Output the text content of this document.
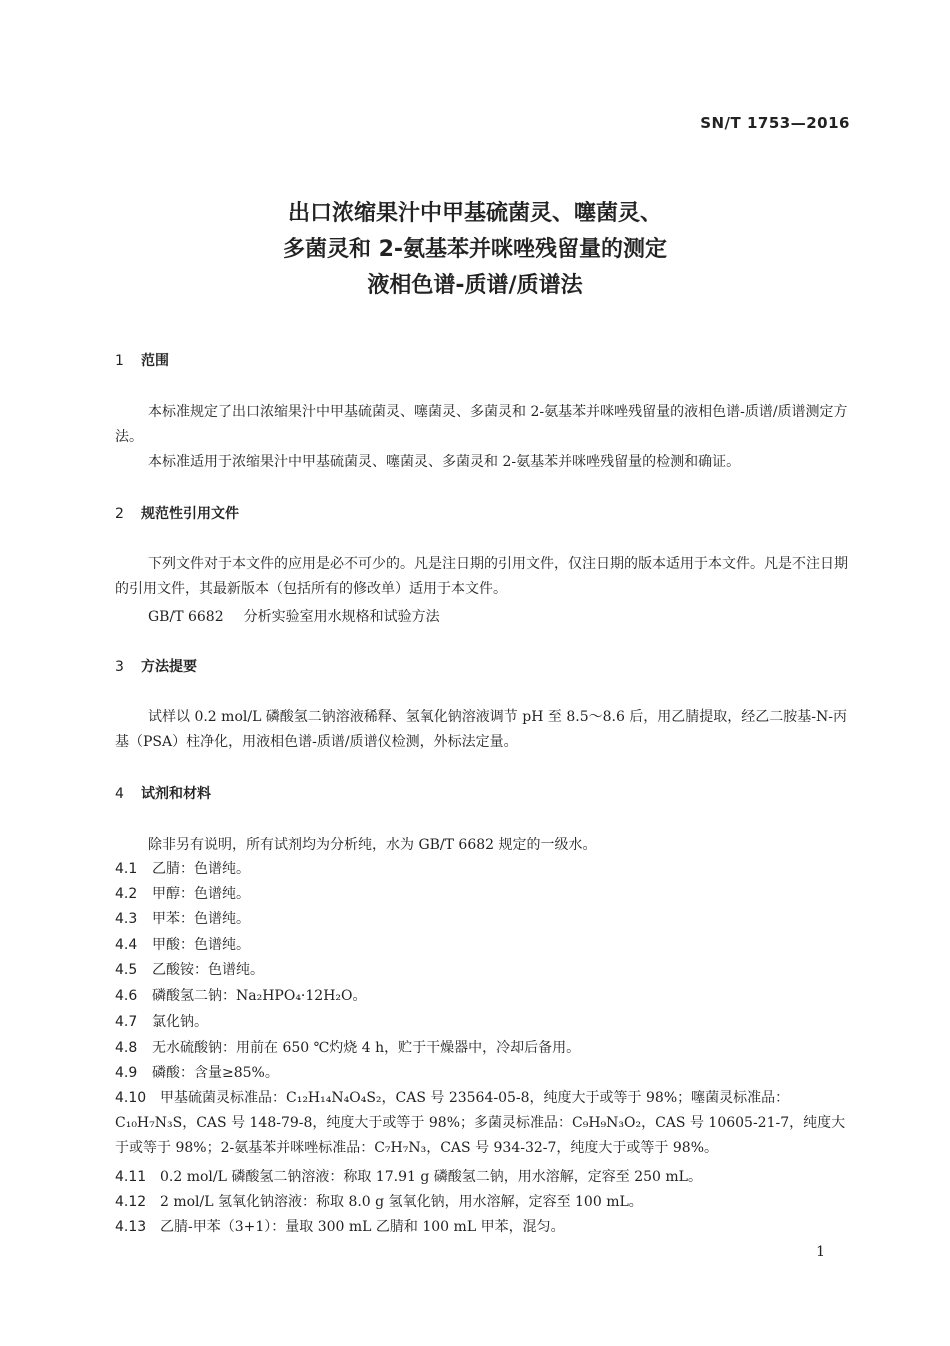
SN/T 1753—2016
出口浓缩果汁中甲基硫菌灵、噻菌灵、
多菌灵和 2-氨基苯并咪唑残留量的测定
液相色谱-质谱/质谱法
1 范围
本标准规定了出口浓缩果汁中甲基硫菌灵、噻菌灵、多菌灵和 2-氨基苯并咪唑残留量的液相色谱-质谱/质谱测定方法。
本标准适用于浓缩果汁中甲基硫菌灵、噻菌灵、多菌灵和 2-氨基苯并咪唑残留量的检测和确证。
2 规范性引用文件
下列文件对于本文件的应用是必不可少的。凡是注日期的引用文件，仅注日期的版本适用于本文件。凡是不注日期的引用文件，其最新版本（包括所有的修改单）适用于本文件。
GB/T 6682 分析实验室用水规格和试验方法
3 方法提要
试样以 0.2 mol/L 磷酸氢二钠溶液稀释、氢氧化钠溶液调节 pH 至 8.5～8.6 后，用乙腈提取，经乙二胺基-N-丙基（PSA）柱净化，用液相色谱-质谱/质谱仪检测，外标法定量。
4 试剂和材料
除非另有说明，所有试剂均为分析纯，水为 GB/T 6682 规定的一级水。
4.1 乙腈：色谱纯。
4.2 甲醇：色谱纯。
4.3 甲苯：色谱纯。
4.4 甲酸：色谱纯。
4.5 乙酸铵：色谱纯。
4.6 磷酸氢二钠：Na₂HPO₄·12H₂O。
4.7 氯化钠。
4.8 无水硫酸钠：用前在 650 ℃灼烧 4 h，贮于干燥器中，冷却后备用。
4.9 磷酸：含量≥85%。
4.10 甲基硫菌灵标准品：C₁₂H₁₄N₄O₄S₂，CAS 号 23564-05-8，纯度大于或等于 98%；噻菌灵标准品：C₁₀H₇N₃S，CAS 号 148-79-8，纯度大于或等于 98%；多菌灵标准品：C₉H₉N₃O₂，CAS 号 10605-21-7，纯度大于或等于 98%；2-氨基苯并咪唑标准品：C₇H₇N₃，CAS 号 934-32-7，纯度大于或等于 98%。
4.11 0.2 mol/L 磷酸氢二钠溶液：称取 17.91 g 磷酸氢二钠，用水溶解，定容至 250 mL。
4.12 2 mol/L 氢氧化钠溶液：称取 8.0 g 氢氧化钠，用水溶解，定容至 100 mL。
4.13 乙腈-甲苯（3+1）：量取 300 mL 乙腈和 100 mL 甲苯，混匀。
1
